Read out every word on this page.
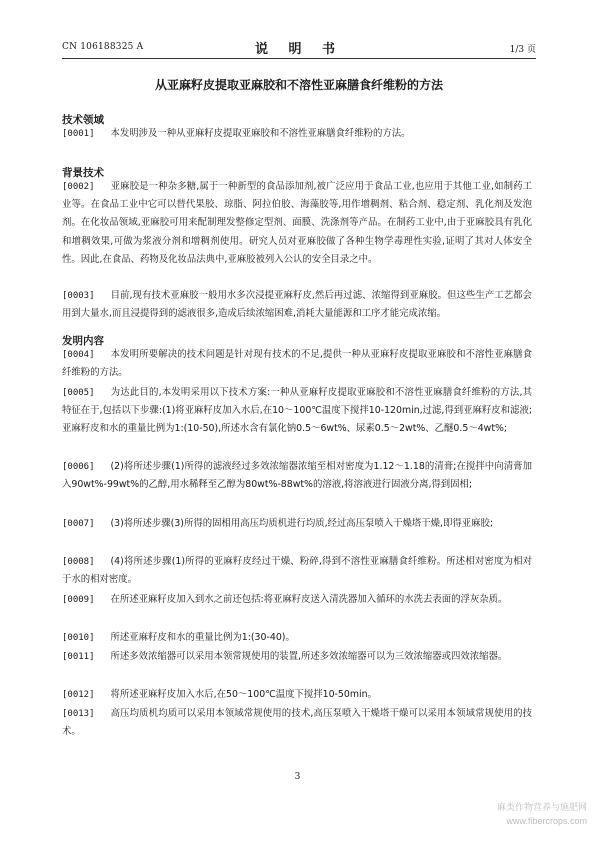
CN 106188325 A	说 明 书	1/3 页
从亚麻籽皮提取亚麻胶和不溶性亚麻膳食纤维粉的方法
技术领域
[0001] 本发明涉及一种从亚麻籽皮提取亚麻胶和不溶性亚麻膳食纤维粉的方法。
背景技术
[0002] 亚麻胶是一种杂多糖,属于一种新型的食品添加剂,被广泛应用于食品工业,也应用于其他工业,如制药工业等。在食品工业中它可以替代果胶、琼脂、阿拉伯胶、海藻胶等,用作增稠剂、粘合剂、稳定剂、乳化剂及发泡剂。在化妆品领域,亚麻胶可用来配制理发整修定型剂、面膜、洗涤剂等产品。在制药工业中,由于亚麻胶具有乳化和增稠效果,可做为浆液分剂和增稠剂使用。研究人员对亚麻胶做了各种生物学毒理性实验,证明了其对人体安全性。因此,在食品、药物及化妆品法典中,亚麻胶被列入公认的安全目录之中。
[0003] 目前,现有技术亚麻胶一般用水多次浸提亚麻籽皮,然后再过滤、浓缩得到亚麻胶。但这些生产工艺都会用到大量水,而且浸提得到的滤液很多,造成后续浓缩困难,消耗大量能源和工序才能完成浓缩。
发明内容
[0004] 本发明所要解决的技术问题是针对现有技术的不足,提供一种从亚麻籽皮提取亚麻胶和不溶性亚麻膳食纤维粉的方法。
[0005] 为达此目的,本发明采用以下技术方案:一种从亚麻籽皮提取亚麻胶和不溶性亚麻膳食纤维粉的方法,其特征在于,包括以下步骤:(1)将亚麻籽皮加入水后,在10～100℃温度下搅拌10-120min,过滤,得到亚麻籽皮和滤液;亚麻籽皮和水的重量比例为1:(10-50),所述水含有氯化钠0.5～6wt%、尿素0.5～2wt%、乙醚0.5～4wt%;
[0006] (2)将所述步骤(1)所得的滤液经过多效浓缩器浓缩至相对密度为1.12～1.18的清膏;在搅拌中向清膏加入90wt%-99wt%的乙醇,用水稀释至乙醇为80wt%-88wt%的溶液,将溶液进行固液分离,得到固相;
[0007] (3)将所述步骤(3)所得的固相用高压均质机进行均质,经过高压泵喷入干燥塔干燥,即得亚麻胶;
[0008] (4)将所述步骤(1)所得的亚麻籽皮经过干燥、粉碎,得到不溶性亚麻膳食纤维粉。所述相对密度为相对于水的相对密度。
[0009] 在所述亚麻籽皮加入到水之前还包括:将亚麻籽皮送入清洗器加入循环的水洗去表面的浮灰杂质。
[0010] 所述亚麻籽皮和水的重量比例为1:(30-40)。
[0011] 所述多效浓缩器可以采用本领常规使用的装置,所述多效浓缩器可以为三效浓缩器或四效浓缩器。
[0012] 将所述亚麻籽皮加入水后,在50～100℃温度下搅拌10-50min。
[0013] 高压均质机均质可以采用本领域常规使用的技术,高压泵喷入干燥塔干燥可以采用本领域常规使用的技术。
3
麻类作物营养与施肥网
www.fibercrops.com
